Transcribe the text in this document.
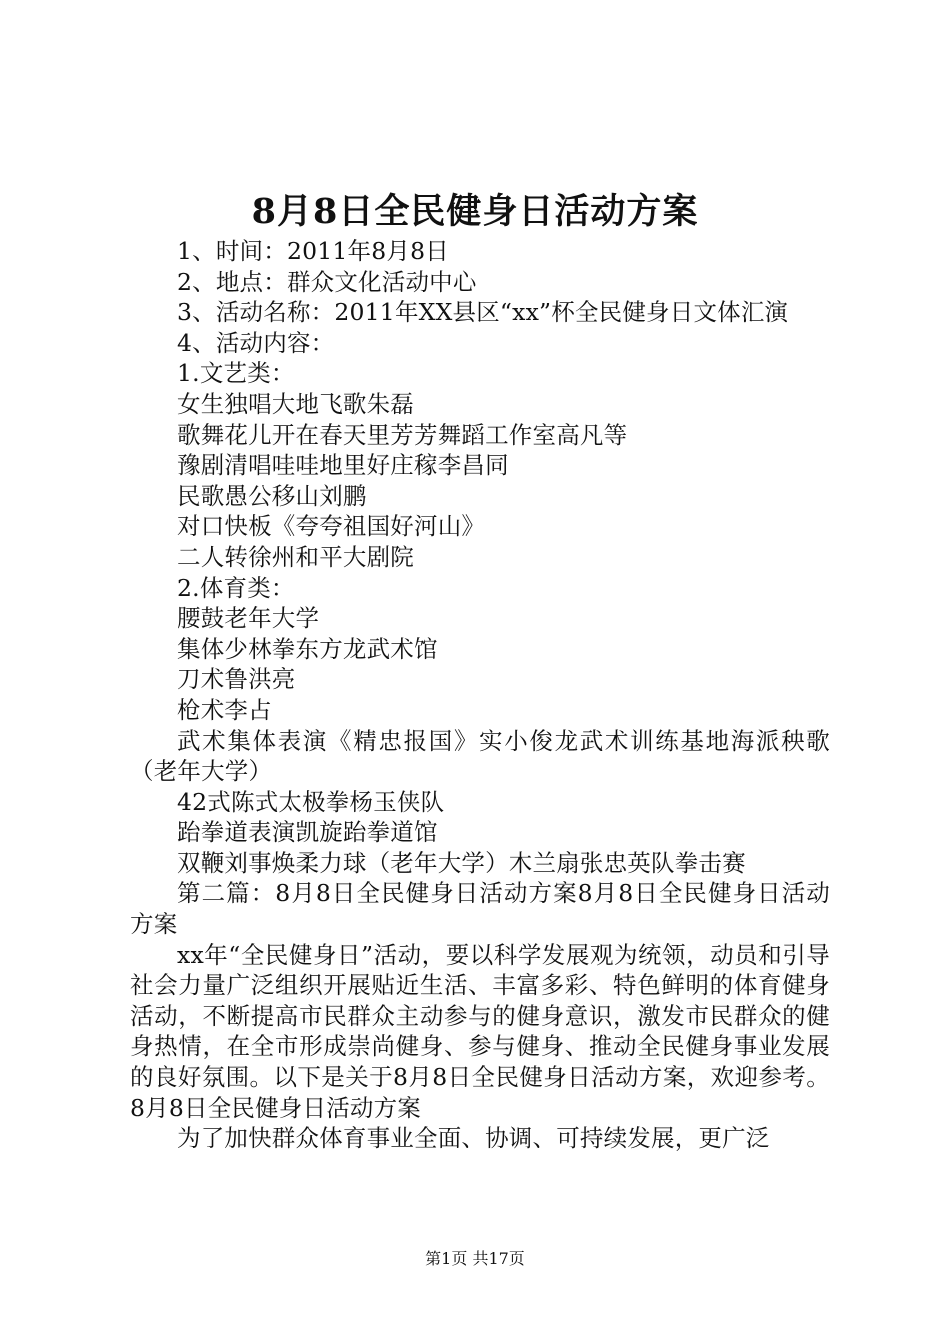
8月8日全民健身日活动方案

1、时间：2011年8月8日

2、地点：群众文化活动中心

3、活动名称：2011年XX县区“xx”杯全民健身日文体汇演

4、活动内容：

1.文艺类：

女生独唱大地飞歌朱磊

歌舞花儿开在春天里芳芳舞蹈工作室高凡等

豫剧清唱哇哇地里好庄稼李昌同

民歌愚公移山刘鹏

对口快板《夸夸祖国好河山》

二人转徐州和平大剧院

2.体育类：

腰鼓老年大学

集体少林拳东方龙武术馆

刀术鲁洪亮

枪术李占

武术集体表演《精忠报国》实小俊龙武术训练基地海派秧歌（老年大学）

42式陈式太极拳杨玉侠队

跆拳道表演凯旋跆拳道馆

双鞭刘事焕柔力球（老年大学）木兰扇张忠英队拳击赛

第二篇：8月8日全民健身日活动方案8月8日全民健身日活动方案

xx年“全民健身日”活动，要以科学发展观为统领，动员和引导社会力量广泛组织开展贴近生活、丰富多彩、特色鲜明的体育健身活动，不断提高市民群众主动参与的健身意识，激发市民群众的健身热情，在全市形成崇尚健身、参与健身、推动全民健身事业发展的良好氛围。以下是关于8月8日全民健身日活动方案，欢迎参考。8月8日全民健身日活动方案

为了加快群众体育事业全面、协调、可持续发展，更广泛

第1页 共17页
